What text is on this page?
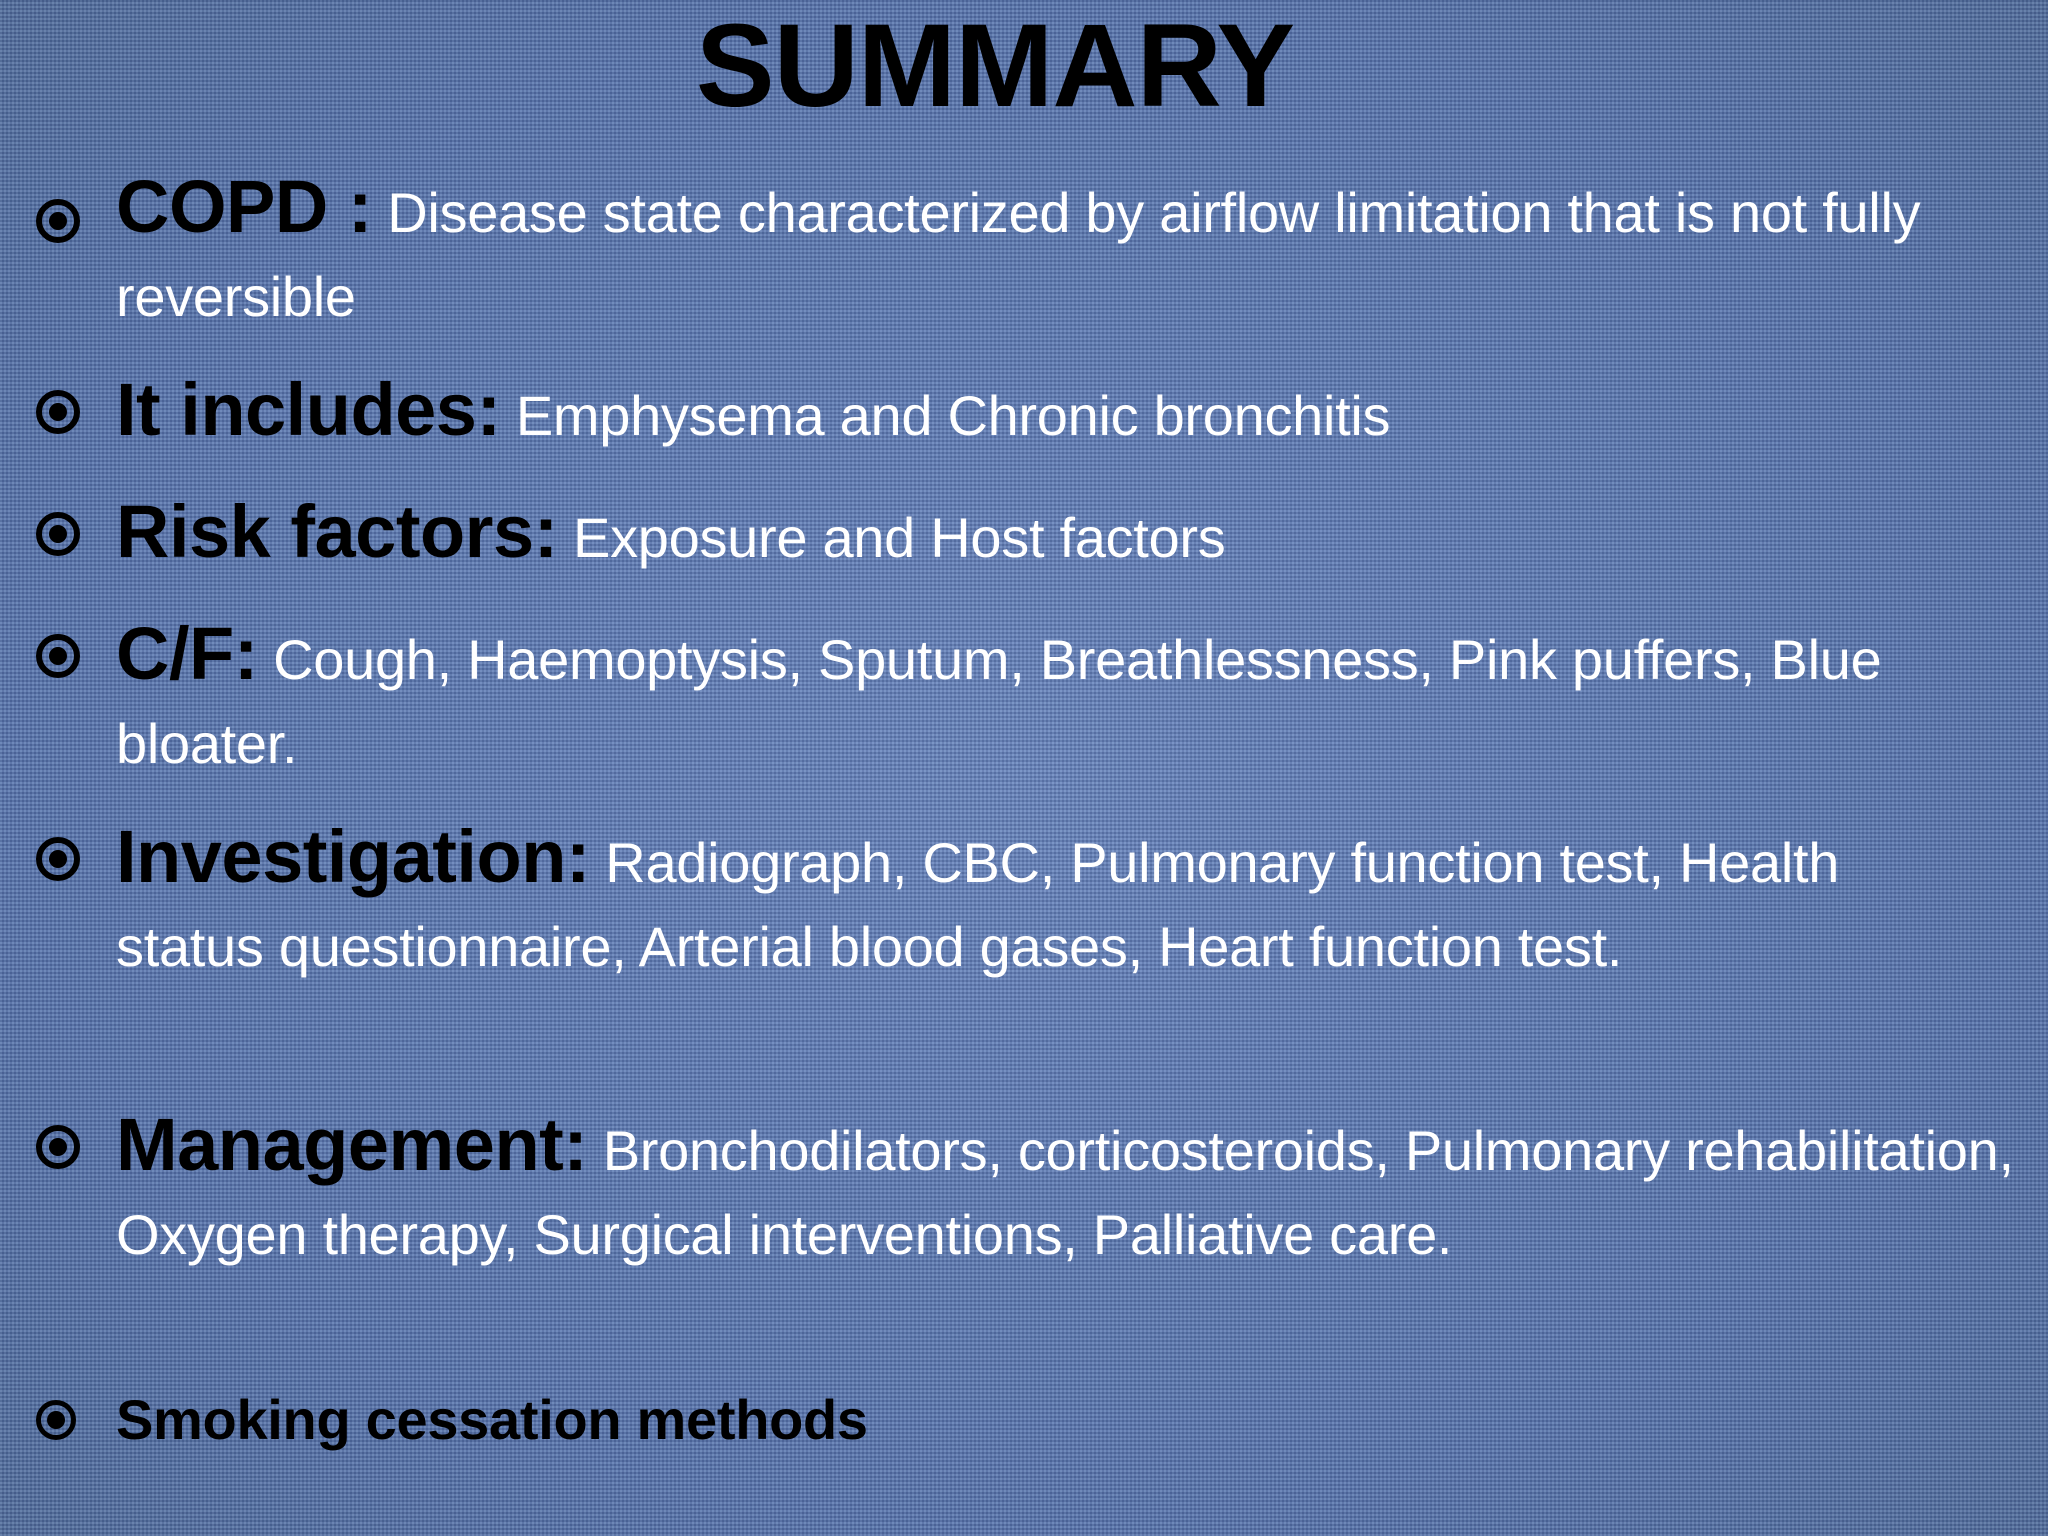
SUMMARY

COPD : Disease state characterized by airflow limitation that is not fully reversible

It includes: Emphysema and Chronic bronchitis

Risk factors: Exposure and Host factors

C/F: Cough, Haemoptysis, Sputum, Breathlessness, Pink puffers, Blue bloater.

Investigation: Radiograph, CBC, Pulmonary function test, Health status questionnaire, Arterial blood gases, Heart function test.

Management: Bronchodilators, corticosteroids, Pulmonary rehabilitation, Oxygen therapy, Surgical interventions, Palliative care.

Smoking cessation methods
